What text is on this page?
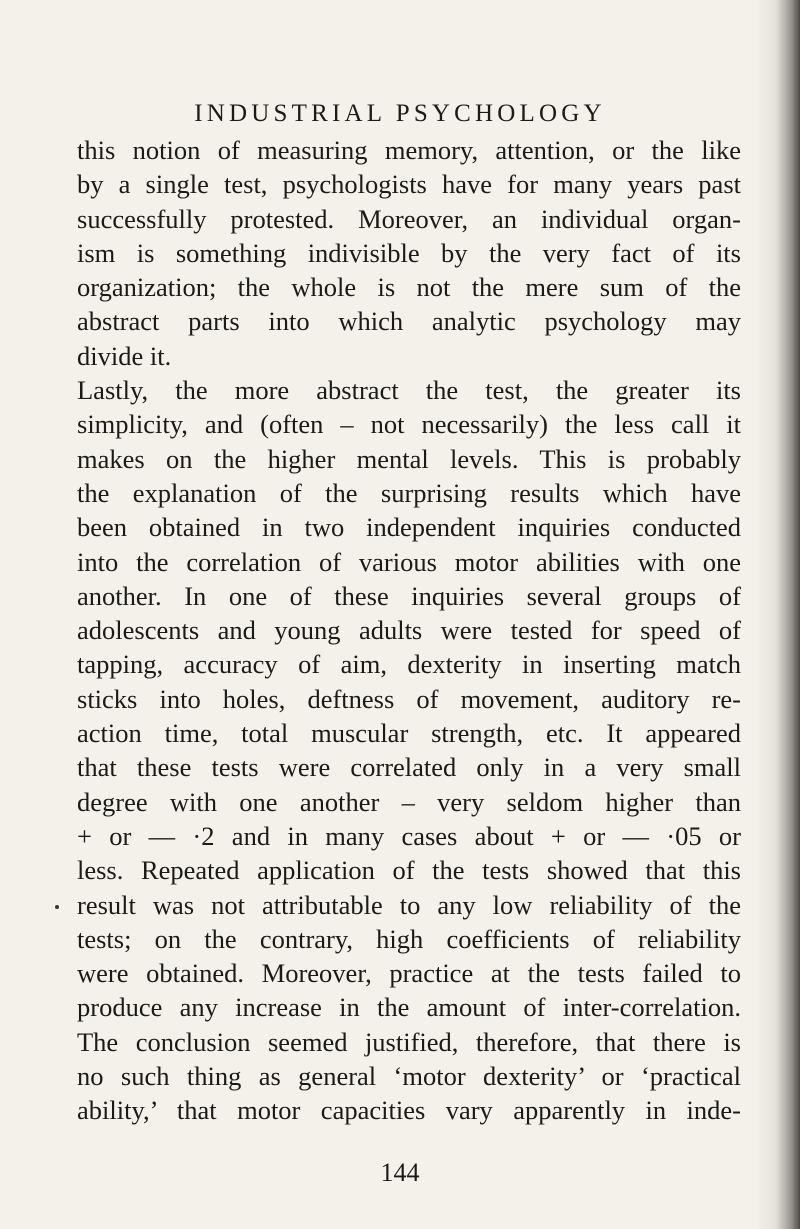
INDUSTRIAL PSYCHOLOGY
this notion of measuring memory, attention, or the like
by a single test, psychologists have for many years past
successfully protested. Moreover, an individual organ-
ism is something indivisible by the very fact of its
organization; the whole is not the mere sum of the
abstract parts into which analytic psychology may
divide it.
Lastly, the more abstract the test, the greater its
simplicity, and (often – not necessarily) the less call it
makes on the higher mental levels. This is probably
the explanation of the surprising results which have
been obtained in two independent inquiries conducted
into the correlation of various motor abilities with one
another. In one of these inquiries several groups of
adolescents and young adults were tested for speed of
tapping, accuracy of aim, dexterity in inserting match
sticks into holes, deftness of movement, auditory re-
action time, total muscular strength, etc. It appeared
that these tests were correlated only in a very small
degree with one another – very seldom higher than
+ or — ·2 and in many cases about + or — ·05 or
less. Repeated application of the tests showed that this
result was not attributable to any low reliability of the
tests; on the contrary, high coefficients of reliability
were obtained. Moreover, practice at the tests failed to
produce any increase in the amount of inter-correlation.
The conclusion seemed justified, therefore, that there is
no such thing as general ‘motor dexterity’ or ‘practical
ability,’ that motor capacities vary apparently in inde-
144
